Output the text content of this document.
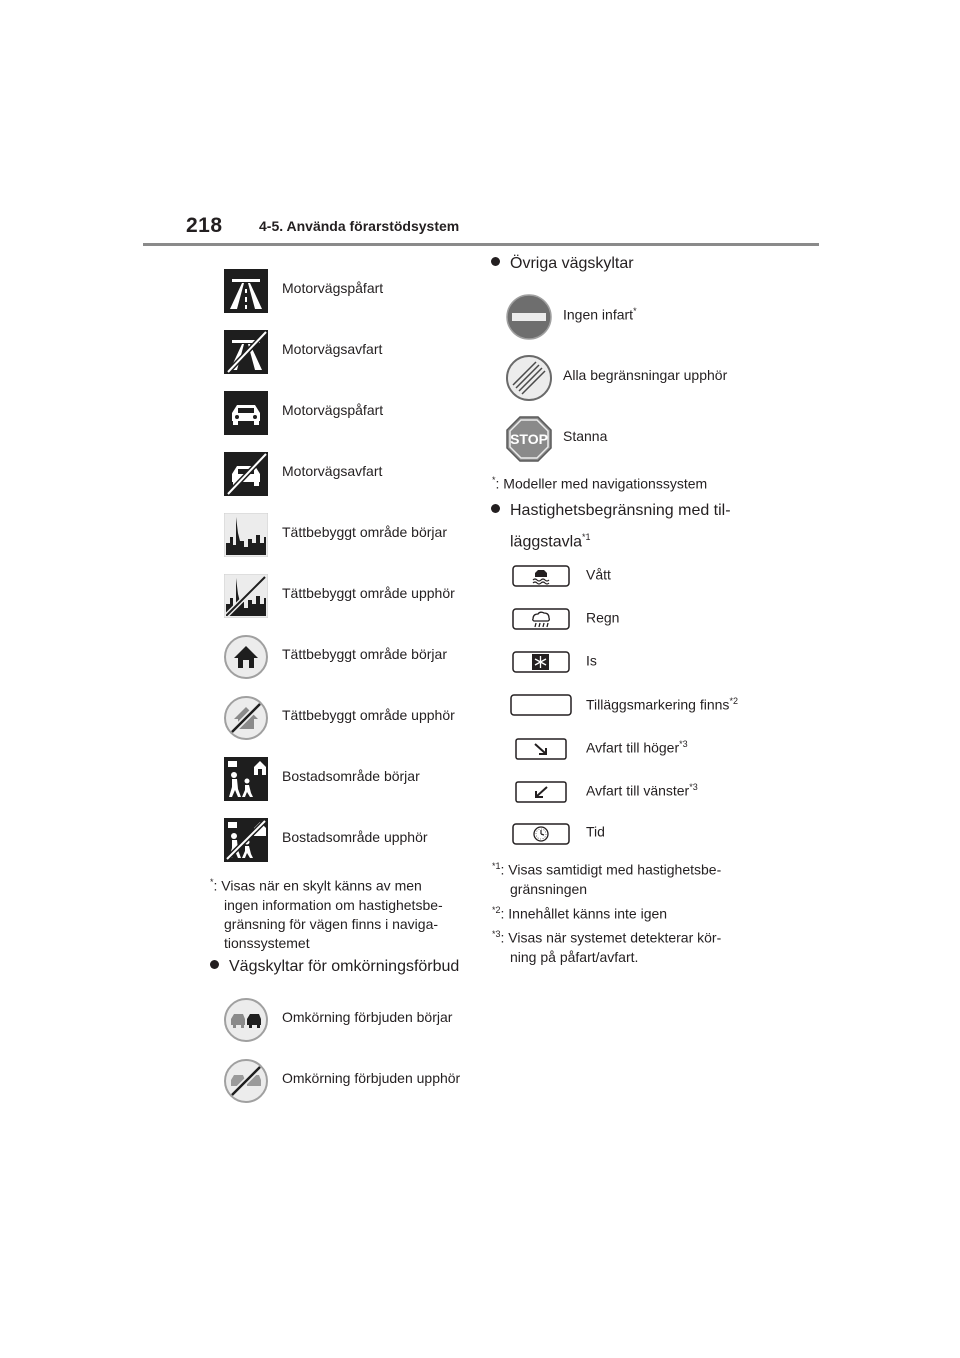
218	4-5. Använda förarstödsystem
Motorvägspåfart
Motorvägsavfart
Motorvägspåfart
Motorvägsavfart
Tättbebyggt område börjar
Tättbebyggt område upphör
Tättbebyggt område börjar
Tättbebyggt område upphör
Bostadsområde börjar
Bostadsområde upphör
*: Visas när en skylt känns av men
ingen information om hastighetsbe-
gränsning för vägen finns i naviga-
tionssystemet
Vägskyltar för omkörningsförbud
Omkörning förbjuden börjar
Omkörning förbjuden upphör
Övriga vägskyltar
Ingen infart*
Alla begränsningar upphör
STOP Stanna
*: Modeller med navigationssystem
Hastighetsbegränsning med til-
läggstavla$^{*1}$
Vått
Regn
Is
Tilläggsmarkering finns$^{*2}$
Avfart till höger$^{*3}$
Avfart till vänster$^{*3}$
Tid
$^{*1}$: Visas samtidigt med hastighetsbe-
gränsningen
$^{*2}$: Innehållet känns inte igen
$^{*3}$: Visas när systemet detekterar kör-
ning på påfart/avfart.
